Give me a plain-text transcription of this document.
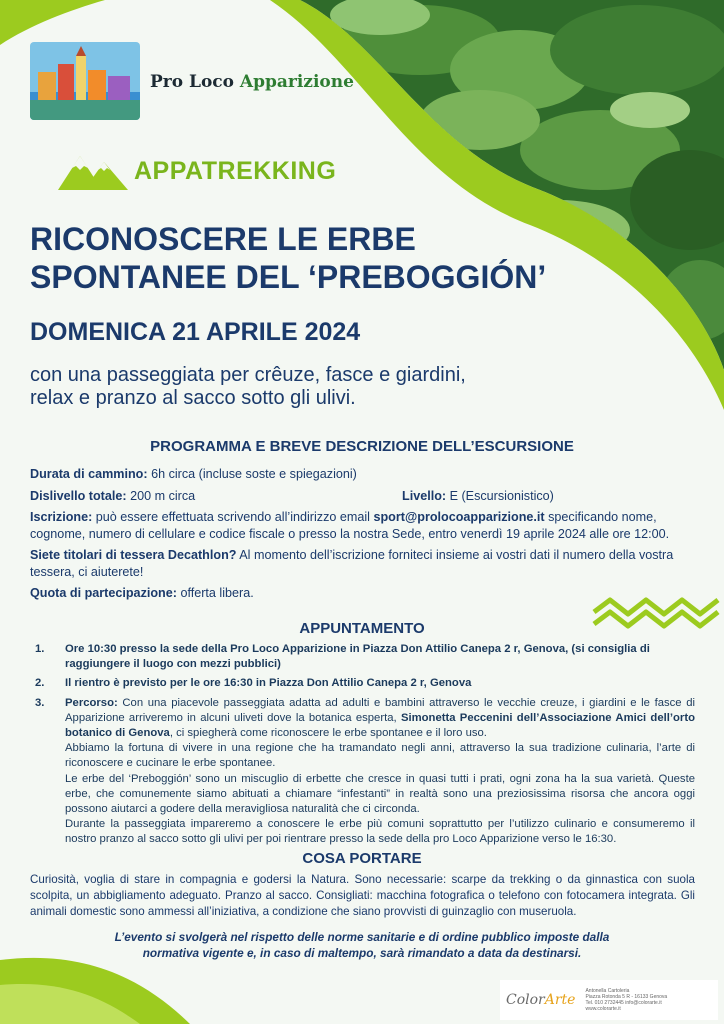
Pro Loco Apparizione
APPATREKKING
RICONOSCERE LE ERBE
SPONTANEE DEL ‘PREBOGGIÓN’
DOMENICA 21 APRILE 2024
con una passeggiata per crêuze, fasce e giardini,
relax e pranzo al sacco sotto gli ulivi.
PROGRAMMA E BREVE DESCRIZIONE DELL’ESCURSIONE
Durata di cammino: 6h circa (incluse soste e spiegazioni)
Dislivello totale: 200 m circa	Livello: E (Escursionistico)
Iscrizione: può essere effettuata scrivendo all’indirizzo email sport@prolocoapparizione.it specificando nome, cognome, numero di cellulare e codice fiscale o presso la nostra Sede, entro venerdì 19 aprile 2024 alle ore 12:00.
Siete titolari di tessera Decathlon? Al momento dell’iscrizione forniteci insieme ai vostri dati il numero della vostra tessera, ci aiuterete!
Quota di partecipazione: offerta libera.
APPUNTAMENTO
1.	Ore 10:30 presso la sede della Pro Loco Apparizione in Piazza Don Attilio Canepa 2 r, Genova, (si consiglia di raggiungere il luogo con mezzi pubblici)
2.	Il rientro è previsto per le ore 16:30 in Piazza Don Attilio Canepa 2 r, Genova
3.	Percorso: Con una piacevole passeggiata adatta ad adulti e bambini attraverso le vecchie creuze, i giardini e le fasce di Apparizione arriveremo in alcuni uliveti dove la botanica esperta, Simonetta Peccenini dell’Associazione Amici dell’orto botanico di Genova, ci spiegherà come riconoscere le erbe spontanee e il loro uso.
Abbiamo la fortuna di vivere in una regione che ha tramandato negli anni, attraverso la sua tradizione culinaria, l’arte di riconoscere e cucinare le erbe spontanee.
Le erbe del ‘Preboggión’ sono un miscuglio di erbette che cresce in quasi tutti i prati, ogni zona ha la sua varietà. Queste erbe, che comunemente siamo abituati a chiamare “infestanti” in realtà sono una preziosissima risorsa che ancora oggi possono aiutarci a godere della meravigliosa naturalità che ci circonda.
Durante la passeggiata impareremo a conoscere le erbe più comuni soprattutto per l’utilizzo culinario e consumeremo il nostro pranzo al sacco sotto gli ulivi per poi rientrare presso la sede della pro Loco Apparizione verso le 16:30.
COSA PORTARE
Curiosità, voglia di stare in compagnia e godersi la Natura. Sono necessarie: scarpe da trekking o da ginnastica con suola scolpita, un abbigliamento adeguato. Pranzo al sacco. Consigliati: macchina fotografica o telefono con fotocamera integrata. Gli animali domestic sono ammessi all’iniziativa, a condizione che siano provvisti di guinzaglio con museruola.
L’evento si svolgerà nel rispetto delle norme sanitarie e di ordine pubblico imposte dalla normativa vigente e, in caso di maltempo, sarà rimandato a data da destinarsi.
ColorArte
Antonella Cartoleria
Piazza Rotonda 5 R - 16133 Genova
Tel. 010 2732445 info@colorarte.it
www.colorarte.it
